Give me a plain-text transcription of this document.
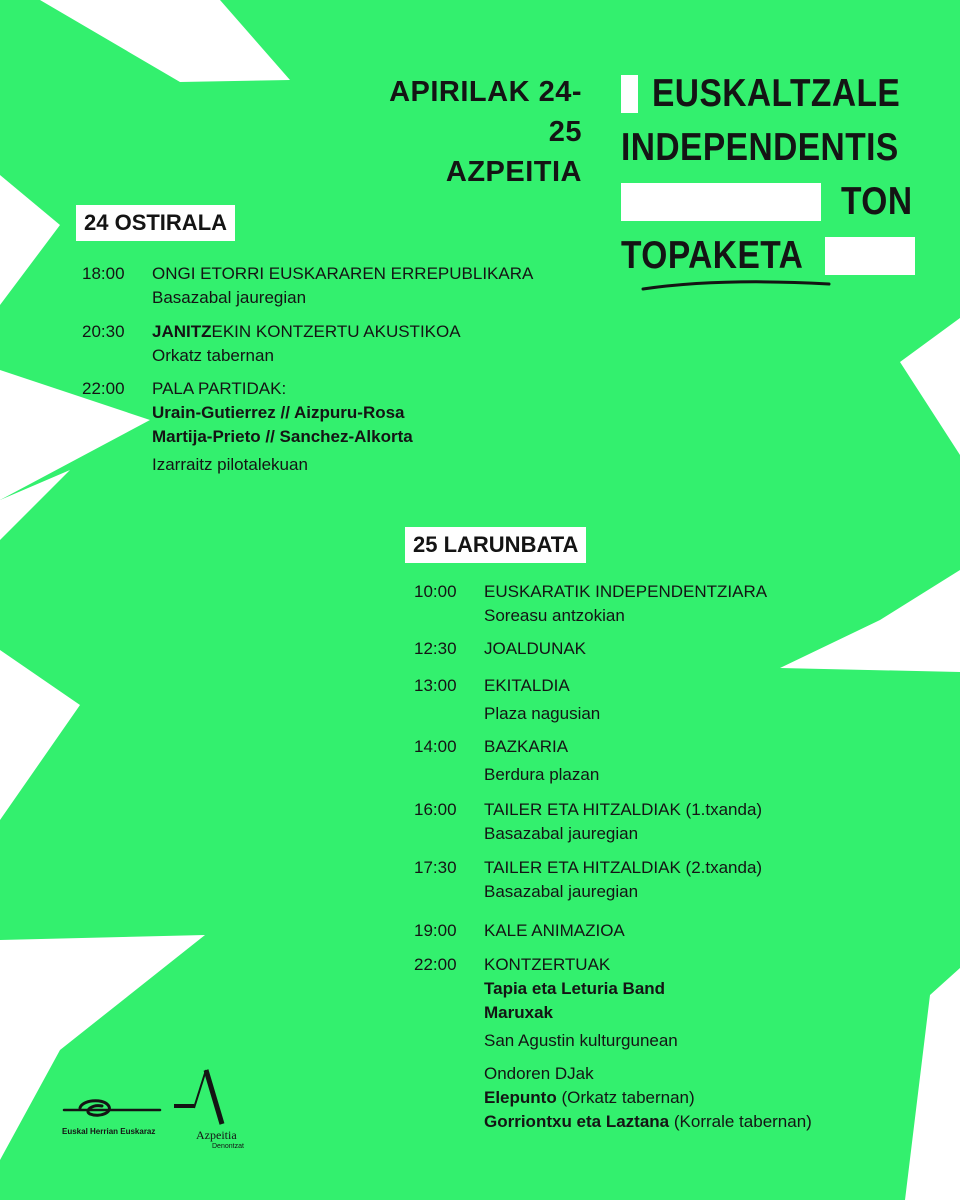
APIRILAK 24-25
AZPEITIA
EUSKALTZALE
INDEPENDENTIS
TON
TOPAKETA
24 OSTIRALA
18:00	ONGI ETORRI EUSKARAREN ERREPUBLIKARA
Basazabal jauregian
20:30	JANITZEKIN KONTZERTU AKUSTIKOA
Orkatz tabernan
22:00	PALA PARTIDAK:
Urain-Gutierrez // Aizpuru-Rosa
Martija-Prieto // Sanchez-Alkorta
Izarraitz pilotalekuan
25 LARUNBATA
10:00	EUSKARATIK INDEPENDENTZIARA
Soreasu antzokian
12:30	JOALDUNAK
13:00	EKITALDIA
Plaza nagusian
14:00	BAZKARIA
Berdura plazan
16:00	TAILER ETA HITZALDIAK (1.txanda)
Basazabal jauregian
17:30	TAILER ETA HITZALDIAK (2.txanda)
Basazabal jauregian
19:00	KALE ANIMAZIOA
22:00	KONTZERTUAK
Tapia eta Leturia Band
Maruxak
San Agustin kulturgunean
Ondoren DJak
Elepunto (Orkatz tabernan)
Gorriontxu eta Laztana (Korrale tabernan)
Euskal Herrian Euskaraz	Azpeitia
Denontzat
